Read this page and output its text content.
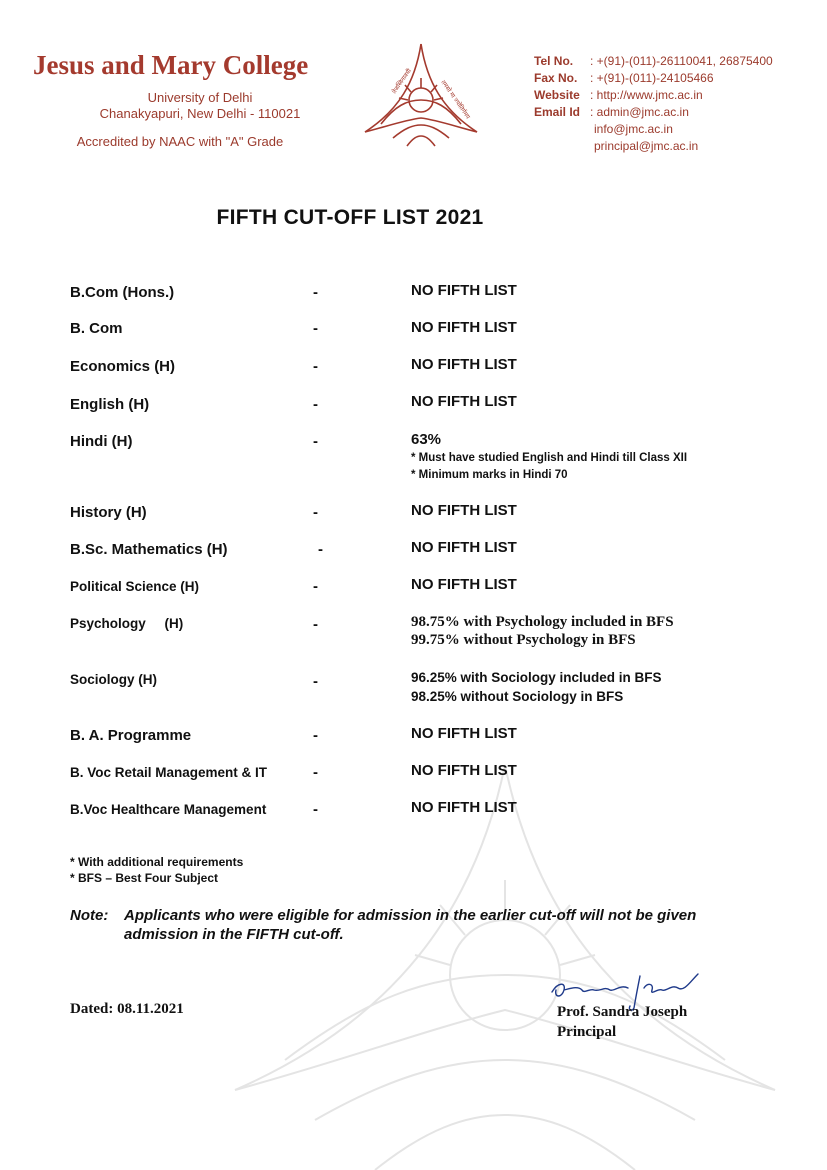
Jesus and Mary College
University of Delhi
Chanakyapuri, New Delhi - 110021
Accredited by NAAC with "A" Grade
तेजस्विनावधी	तमसो मा ज्योतिर्गमय
Tel No.	: +(91)-(011)-26110041, 26875400
Fax No.	: +(91)-(011)-24105466
Website : http://www.jmc.ac.in
Email Id : admin@jmc.ac.in
info@jmc.ac.in
principal@jmc.ac.in
FIFTH CUT-OFF LIST 2021
B.Com (Hons.)	-	NO FIFTH LIST
B. Com	-	NO FIFTH LIST
Economics (H)	-	NO FIFTH LIST
English (H)	-	NO FIFTH LIST
Hindi (H)	-	63%
* Must have studied English and Hindi till Class XII
* Minimum marks in Hindi 70
History (H)	-	NO FIFTH LIST
B.Sc. Mathematics (H)	-	NO FIFTH LIST
Political Science (H)	-	NO FIFTH LIST
Psychology     (H)	-	98.75% with Psychology included in BFS
99.75% without Psychology in BFS
Sociology (H)	-	96.25% with Sociology included in BFS
98.25% without Sociology in BFS
B. A. Programme	-	NO FIFTH LIST
B. Voc Retail Management & IT	-	NO FIFTH LIST
B.Voc Healthcare Management	-	NO FIFTH LIST
* With additional requirements
* BFS – Best Four Subject
Note: Applicants who were eligible for admission in the earlier cut-off will not be given admission in the FIFTH cut-off.
Dated: 08.11.2021	Prof. Sandra Joseph
Principal
